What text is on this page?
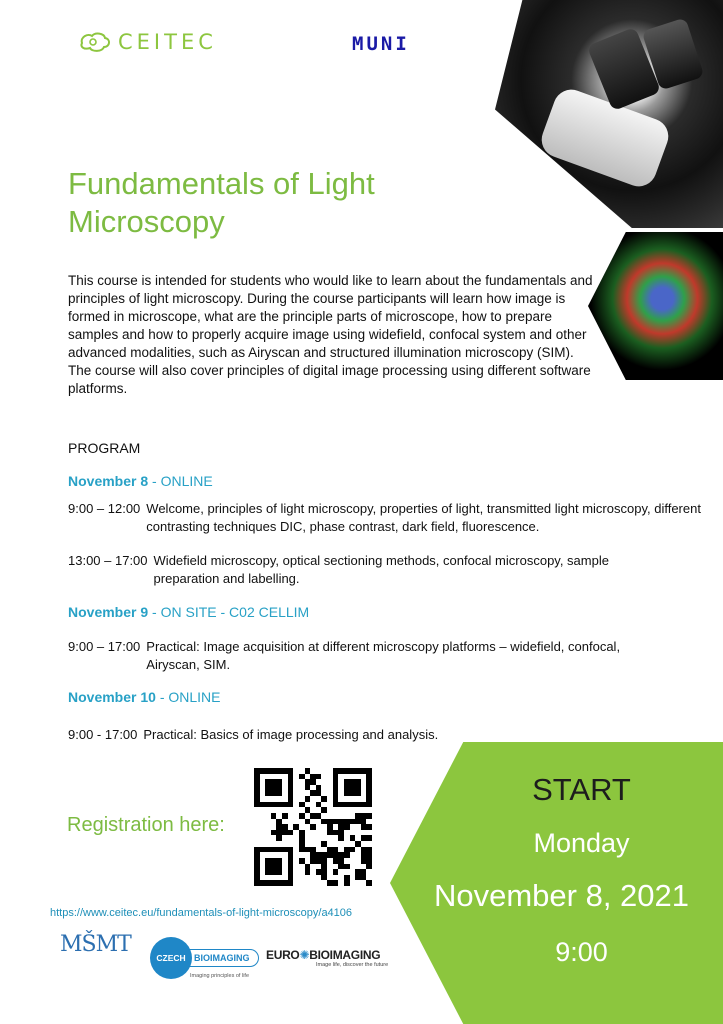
CEITEC	MUNI
Fundamentals of Light Microscopy
This course is intended for students who would like to learn about the fundamentals and principles of light microscopy. During the course participants will learn how image is formed in microscope, what are the principle parts of microscope, how to prepare samples and how to properly acquire image using widefield, confocal system and other advanced modalities, such as Airyscan and structured illumination microscopy (SIM). The course will also cover principles of digital image processing using different software platforms.
PROGRAM
November 8 - ONLINE
9:00 – 12:00 Welcome, principles of light microscopy, properties of light, transmitted light microscopy, different contrasting techniques DIC, phase contrast, dark field, fluorescence.
13:00 – 17:00 Widefield microscopy, optical sectioning methods, confocal microscopy, sample preparation and labelling.
November 9 - ON SITE - C02 CELLIM
9:00 – 17:00 Practical: Image acquisition at different microscopy platforms – widefield, confocal, Airyscan, SIM.
November 10 - ONLINE
9:00 - 17:00 Practical: Basics of image processing and analysis.
Registration here:
https://www.ceitec.eu/fundamentals-of-light-microscopy/a4106
START
Monday
November 8, 2021
9:00
MŠMT
CZECH BIOIMAGING
Imaging principles of life
EURO✺BIOIMAGING
Image life, discover the future
